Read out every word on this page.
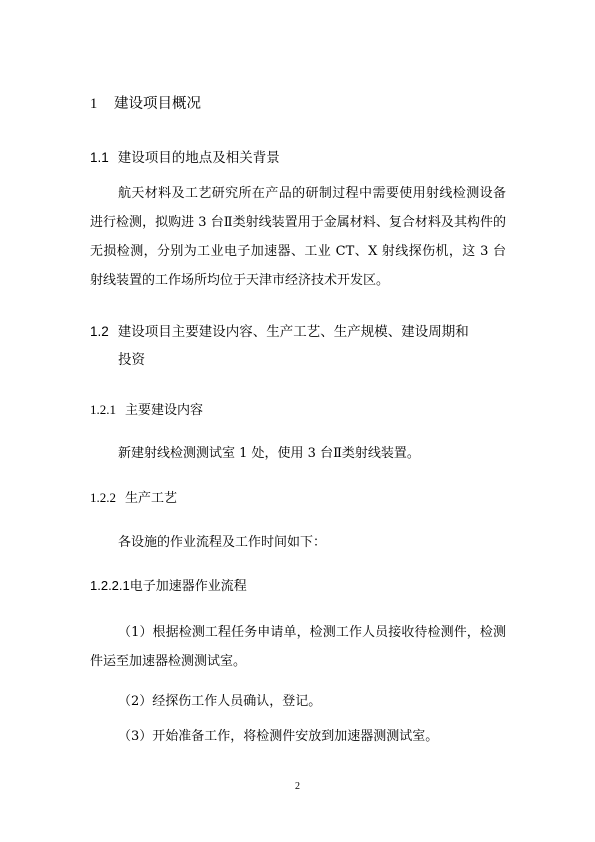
1 建设项目概况
1.1 建设项目的地点及相关背景
航天材料及工艺研究所在产品的研制过程中需要使用射线检测设备进行检测，拟购进 3 台Ⅱ类射线装置用于金属材料、复合材料及其构件的无损检测，分别为工业电子加速器、工业 CT、X 射线探伤机，这 3 台射线装置的工作场所均位于天津市经济技术开发区。
1.2 建设项目主要建设内容、生产工艺、生产规模、建设周期和
投资
1.2.1 主要建设内容
新建射线检测测试室 1 处，使用 3 台Ⅱ类射线装置。
1.2.2 生产工艺
各设施的作业流程及工作时间如下：
1.2.2.1电子加速器作业流程
（1）根据检测工程任务申请单，检测工作人员接收待检测件，检测件运至加速器检测测试室。
（2）经探伤工作人员确认，登记。
（3）开始准备工作，将检测件安放到加速器测测试室。
2
